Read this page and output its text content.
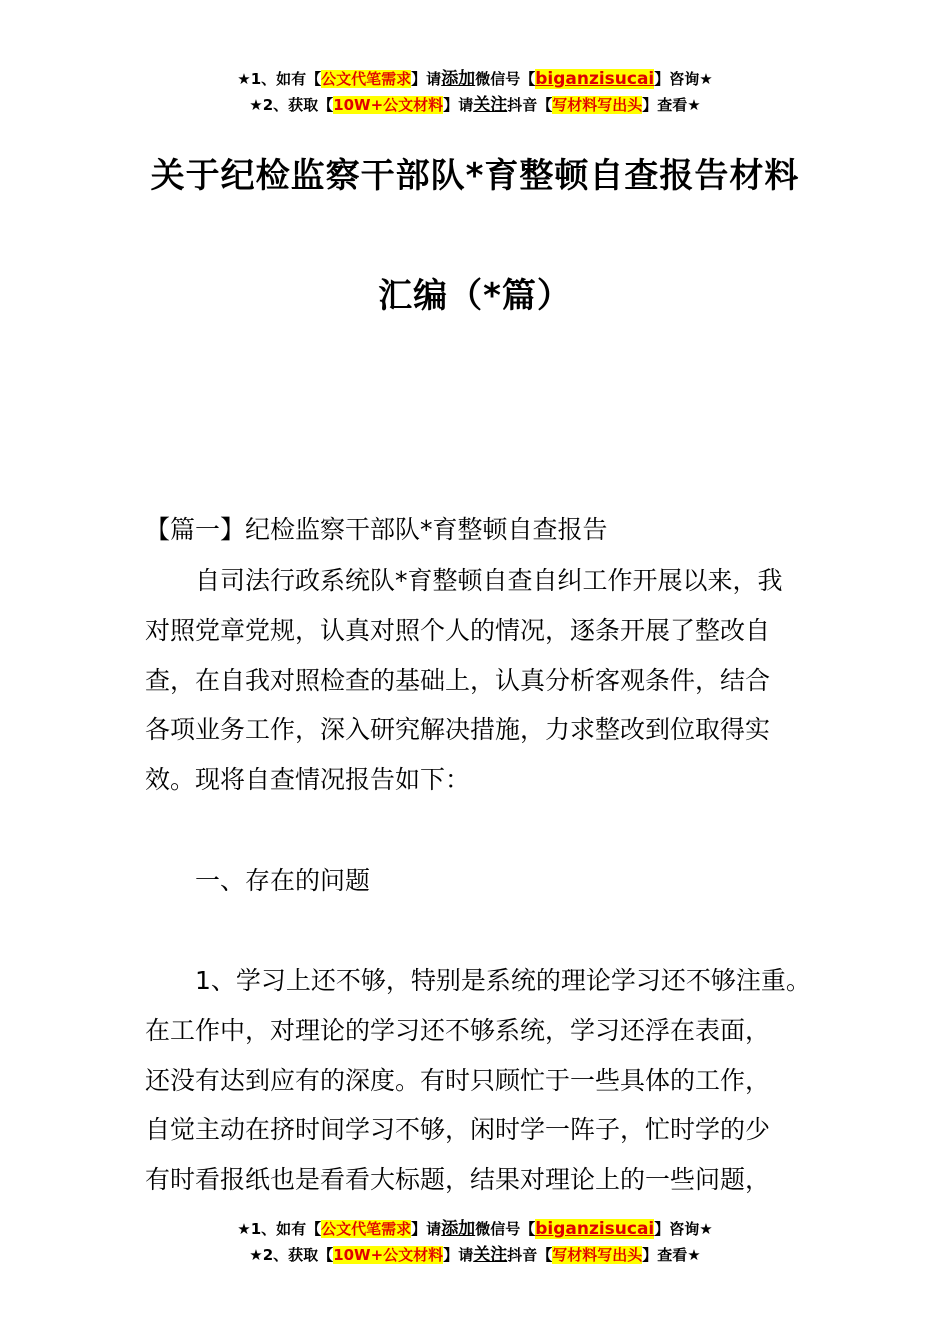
★1、如有【公文代笔需求】请添加微信号【biganzisucai】咨询★
★2、获取【10W+公文材料】请关注抖音【写材料写出头】查看★
关于纪检监察干部队*育整顿自查报告材料
汇编（*篇）
【篇一】纪检监察干部队*育整顿自查报告
自司法行政系统队*育整顿自查自纠工作开展以来，我
对照党章党规，认真对照个人的情况，逐条开展了整改自
查，在自我对照检查的基础上，认真分析客观条件，结合
各项业务工作，深入研究解决措施，力求整改到位取得实
效。现将自查情况报告如下：
一、存在的问题
1、学习上还不够，特别是系统的理论学习还不够注重。
在工作中，对理论的学习还不够系统，学习还浮在表面，
还没有达到应有的深度。有时只顾忙于一些具体的工作，
自觉主动在挤时间学习不够，闲时学一阵子，忙时学的少
有时看报纸也是看看大标题，结果对理论上的一些问题，
★1、如有【公文代笔需求】请添加微信号【biganzisucai】咨询★
★2、获取【10W+公文材料】请关注抖音【写材料写出头】查看★
